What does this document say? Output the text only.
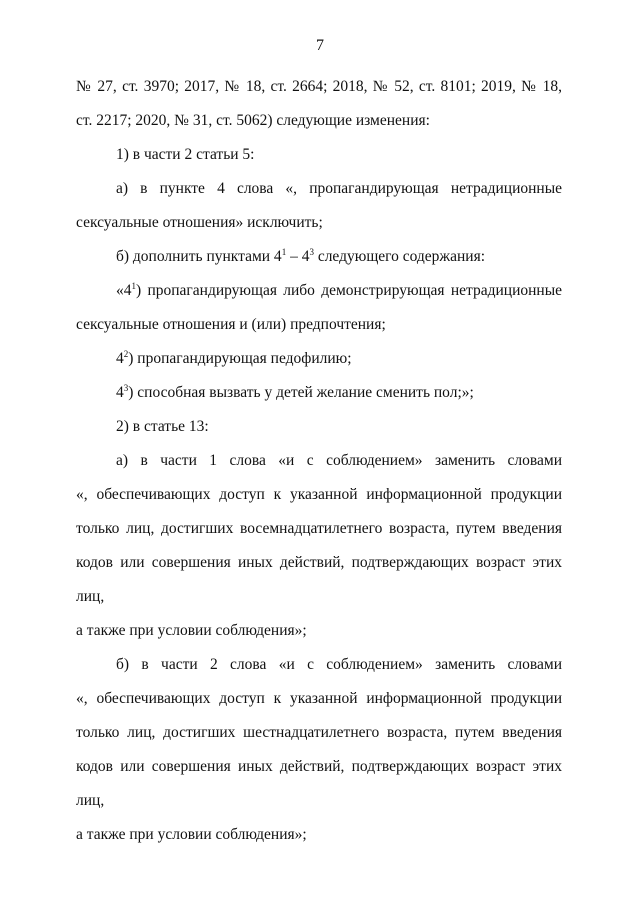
7
№ 27, ст. 3970; 2017, № 18, ст. 2664; 2018, № 52, ст. 8101; 2019, № 18,
ст. 2217; 2020, № 31, ст. 5062) следующие изменения:
1) в части 2 статьи 5:
а) в пункте 4 слова «, пропагандирующая нетрадиционные
сексуальные отношения» исключить;
б) дополнить пунктами $4^1 - 4^3$ следующего содержания:
«$4^1$) пропагандирующая либо демонстрирующая нетрадиционные
сексуальные отношения и (или) предпочтения;
$4^2$) пропагандирующая педофилию;
$4^3$) способная вызвать у детей желание сменить пол;»;
2) в статье 13:
а) в части 1 слова «и с соблюдением» заменить словами
«, обеспечивающих доступ к указанной информационной продукции
только лиц, достигших восемнадцатилетнего возраста, путем введения
кодов или совершения иных действий, подтверждающих возраст этих лиц,
а также при условии соблюдения»;
б) в части 2 слова «и с соблюдением» заменить словами
«, обеспечивающих доступ к указанной информационной продукции
только лиц, достигших шестнадцатилетнего возраста, путем введения
кодов или совершения иных действий, подтверждающих возраст этих лиц,
а также при условии соблюдения»;
